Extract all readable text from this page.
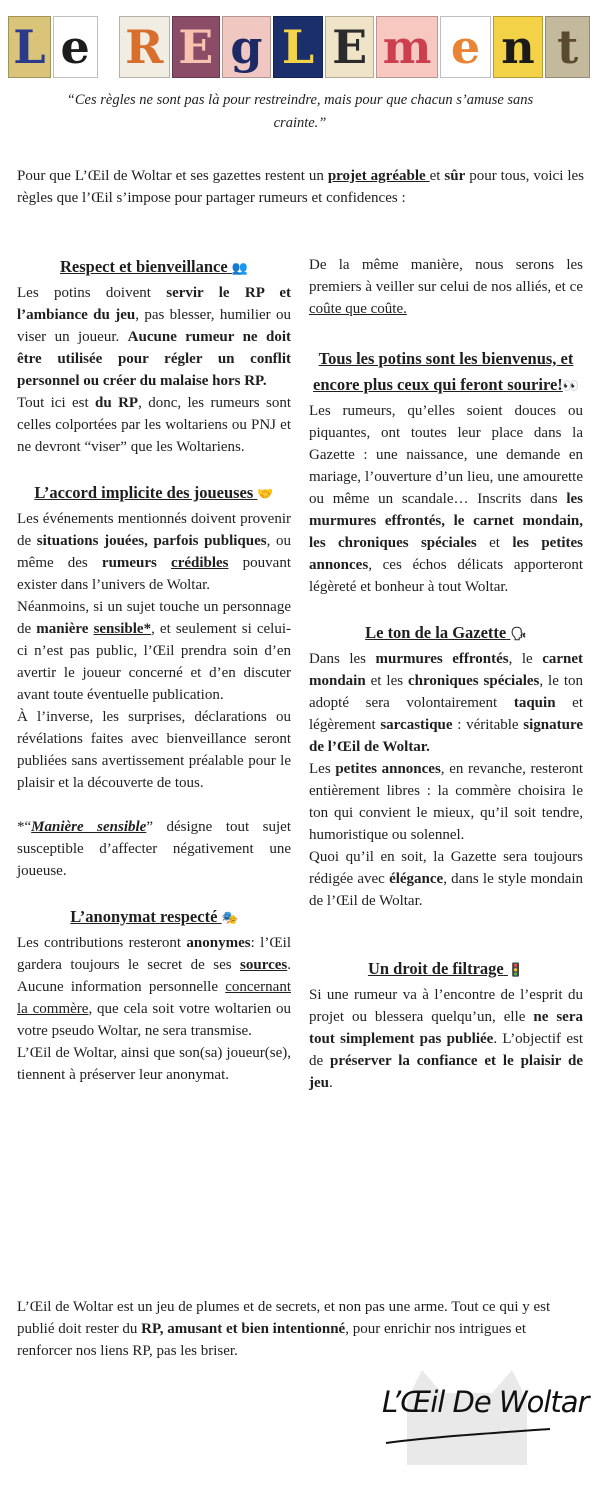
L e R E g L E m e n t
“Ces règles ne sont pas là pour restreindre, mais pour que chacun s’amuse sans crainte.”
Pour que L’Œil de Woltar et ses gazettes restent un projet agréable et sûr pour tous, voici les règles que l’Œil s’impose pour partager rumeurs et confidences :

Respect et bienveillance 👥

Les potins doivent servir le RP et l’ambiance du jeu, pas blesser, humilier ou viser un joueur. Aucune rumeur ne doit être utilisée pour régler un conflit personnel ou créer du malaise hors RP.

Tout ici est du RP, donc, les rumeurs sont celles colportées par les woltariens ou PNJ et ne devront “viser” que les Woltariens.

L’accord implicite des joueuses 🤝

Les événements mentionnés doivent provenir de situations jouées, parfois publiques, ou même des rumeurs crédibles pouvant exister dans l’univers de Woltar.

Néanmoins, si un sujet touche un personnage de manière sensible*, et seulement si celui-ci n’est pas public, l’Œil prendra soin d’en avertir le joueur concerné et d’en discuter avant toute éventuelle publication.

À l’inverse, les surprises, déclarations ou révélations faites avec bienveillance seront publiées sans avertissement préalable pour le plaisir et la découverte de tous.

*“Manière sensible” désigne tout sujet susceptible d’affecter négativement une joueuse.

L’anonymat respecté 🎭

Les contributions resteront anonymes: l’Œil gardera toujours le secret de ses sources. Aucune information personnelle concernant la commère, que cela soit votre woltarien ou votre pseudo Woltar, ne sera transmise.

L’Œil de Woltar, ainsi que son(sa) joueur(se), tiennent à préserver leur anonymat.

De la même manière, nous serons les premiers à veiller sur celui de nos alliés, et ce coûte que coûte.

Tous les potins sont les bienvenus, et encore plus ceux qui feront sourire!👀

Les rumeurs, qu’elles soient douces ou piquantes, ont toutes leur place dans la Gazette : une naissance, une demande en mariage, l’ouverture d’un lieu, une amourette ou même un scandale… Inscrits dans les murmures effrontés, le carnet mondain, les chroniques spéciales et les petites annonces, ces échos délicats apporteront légèreté et bonheur à tout Woltar.

Le ton de la Gazette 🗣

Dans les murmures effrontés, le carnet mondain et les chroniques spéciales, le ton adopté sera volontairement taquin et légèrement sarcastique : véritable signature de l’Œil de Woltar.

Les petites annonces, en revanche, resteront entièrement libres : la commère choisira le ton qui convient le mieux, qu’il soit tendre, humoristique ou solennel.

Quoi qu’il en soit, la Gazette sera toujours rédigée avec élégance, dans le style mondain de l’Œil de Woltar.

Un droit de filtrage 🚦

Si une rumeur va à l’encontre de l’esprit du projet ou blessera quelqu’un, elle ne sera tout simplement pas publiée. L’objectif est de préserver la confiance et le plaisir de jeu.

L’Œil de Woltar est un jeu de plumes et de secrets, et non pas une arme. Tout ce qui y est publié doit rester du RP, amusant et bien intentionné, pour enrichir nos intrigues et renforcer nos liens RP, pas les briser.
L’Œil De Woltar
